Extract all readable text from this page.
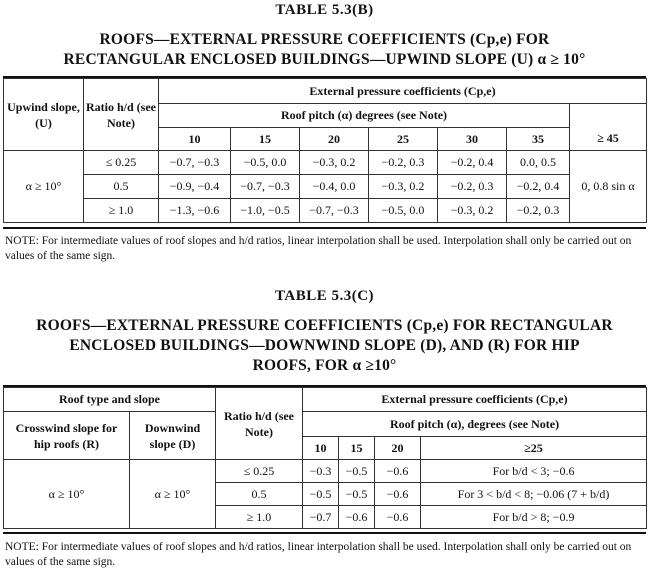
TABLE 5.3(B)
ROOFS—EXTERNAL PRESSURE COEFFICIENTS (Cp,e) FOR
RECTANGULAR ENCLOSED BUILDINGS—UPWIND SLOPE (U) α ≥ 10°
Upwind slope, (U)	Ratio h/d (see Note)	External pressure coefficients (Cp,e)						
		Roof pitch (α) degrees (see Note)						
		10	15	20	25	30	35	≥ 45
α ≥ 10°	≤ 0.25	−0.7, −0.3	−0.5, 0.0	−0.3, 0.2	−0.2, 0.3	−0.2, 0.4	0.0, 0.5	0, 0.8 sin α
	0.5	−0.9, −0.4	−0.7, −0.3	−0.4, 0.0	−0.3, 0.2	−0.2, 0.3	−0.2, 0.4	
	≥ 1.0	−1.3, −0.6	−1.0, −0.5	−0.7, −0.3	−0.5, 0.0	−0.3, 0.2	−0.2, 0.3	
NOTE: For intermediate values of roof slopes and h/d ratios, linear interpolation shall be used. Interpolation shall only be carried out on values of the same sign.
TABLE 5.3(C)
ROOFS—EXTERNAL PRESSURE COEFFICIENTS (Cp,e) FOR RECTANGULAR
ENCLOSED BUILDINGS—DOWNWIND SLOPE (D), AND (R) FOR HIP
ROOFS, FOR α ≥10°
Roof type and slope		Ratio h/d (see Note)	External pressure coefficients (Cp,e)			
Crosswind slope for hip roofs (R)	Downwind slope (D)		Roof pitch (α), degrees (see Note)			
			10	15	20	≥25
α ≥ 10°	α ≥ 10°	≤ 0.25	−0.3	−0.5	−0.6	For b/d < 3; −0.6
		0.5	−0.5	−0.5	−0.6	For 3 < b/d < 8; −0.06 (7 + b/d)
		≥ 1.0	−0.7	−0.6	−0.6	For b/d > 8; −0.9
NOTE: For intermediate values of roof slopes and h/d ratios, linear interpolation shall be used. Interpolation shall only be carried out on values of the same sign.
